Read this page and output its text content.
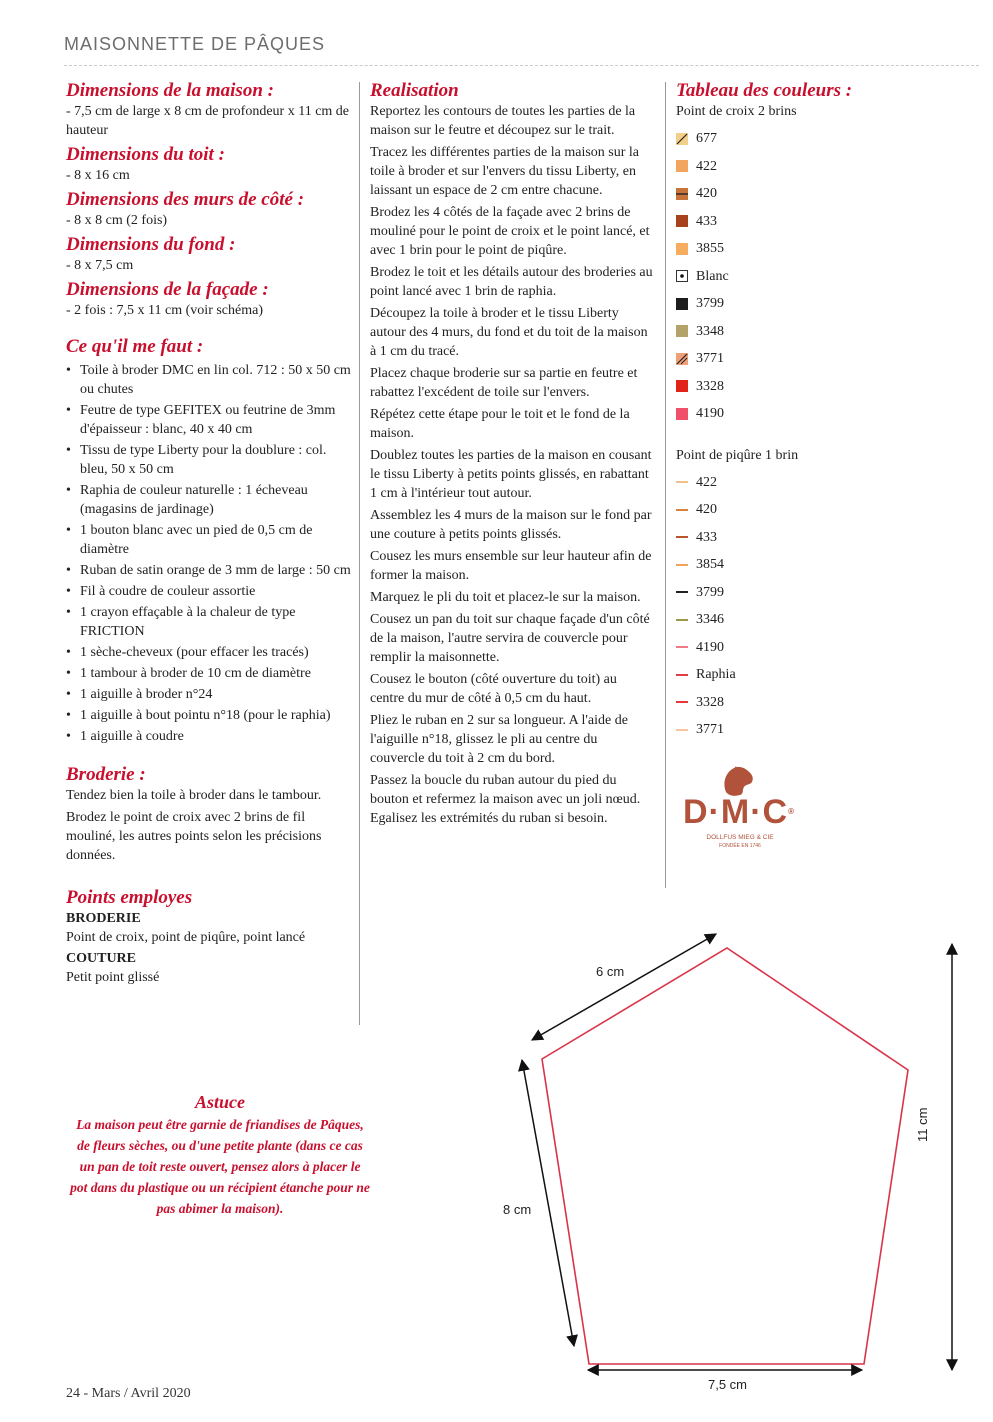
MAISONNETTE DE PÂQUES

Dimensions de la maison :

- 7,5 cm de large x 8 cm de profondeur x 11 cm de hauteur

Dimensions du toit :

- 8 x 16 cm

Dimensions des murs de côté :

- 8 x 8 cm (2 fois)

Dimensions du fond :

- 8 x 7,5 cm

Dimensions de la façade :

- 2 fois : 7,5 x 11 cm (voir schéma)

Ce qu'il me faut :

• Toile à broder DMC en lin col. 712 : 50 x 50 cm ou chutes
• Feutre de type GEFITEX ou feutrine de 3mm d'épaisseur : blanc, 40 x 40 cm
• Tissu de type Liberty pour la doublure : col. bleu, 50 x 50 cm
• Raphia de couleur naturelle : 1 écheveau (magasins de jardinage)
• 1 bouton blanc avec un pied de 0,5 cm de diamètre
• Ruban de satin orange de 3 mm de large : 50 cm
• Fil à coudre de couleur assortie
• 1 crayon effaçable à la chaleur de type FRICTION
• 1 sèche-cheveux (pour effacer les tracés)
• 1 tambour à broder de 10 cm de diamètre
• 1 aiguille à broder n°24
• 1 aiguille à bout pointu n°18 (pour le raphia)
• 1 aiguille à coudre

Broderie :

Tendez bien la toile à broder dans le tambour.

Brodez le point de croix avec 2 brins de fil mouliné, les autres points selon les précisions données.

Points employes

BRODERIE

Point de croix, point de piqûre, point lancé

COUTURE

Petit point glissé

Realisation

Reportez les contours de toutes les parties de la maison sur le feutre et découpez sur le trait.

Tracez les différentes parties de la maison sur la toile à broder et sur l'envers du tissu Liberty, en laissant un espace de 2 cm entre chacune.

Brodez les 4 côtés de la façade avec 2 brins de mouliné pour le point de croix et le point lancé, et avec 1 brin pour le point de piqûre.

Brodez le toit et les détails autour des broderies au point lancé avec 1 brin de raphia.

Découpez la toile à broder et le tissu Liberty autour des 4 murs, du fond et du toit de la maison à 1 cm du tracé.

Placez chaque broderie sur sa partie en feutre et rabattez l'excédent de toile sur l'envers.

Répétez cette étape pour le toit et le fond de la maison.

Doublez toutes les parties de la maison en cousant le tissu Liberty à petits points glissés, en rabattant 1 cm à l'intérieur tout autour.

Assemblez les 4 murs de la maison sur le fond par une couture à petits points glissés.

Cousez les murs ensemble sur leur hauteur afin de former la maison.

Marquez le pli du toit et placez-le sur la maison.

Cousez un pan du toit sur chaque façade d'un côté de la maison, l'autre servira de couvercle pour remplir la maisonnette.

Cousez le bouton (côté ouverture du toit) au centre du mur de côté à 0,5 cm du haut.

Pliez le ruban en 2 sur sa longueur. A l'aide de l'aiguille n°18, glissez le pli au centre du couvercle du toit à 2 cm du bord.

Passez la boucle du ruban autour du pied du bouton et refermez la maison avec un joli nœud. Egalisez les extrémités du ruban si besoin.

Tableau des couleurs :

Point de croix 2 brins

677
422
420
433
3855
Blanc
3799
3348
3771
3328
4190

Point de piqûre 1 brin

422
420
433
3854
3799
3346
4190
Raphia
3328
3771
D·M·C®
DOLLFUS MIEG & CIE
FONDÉE EN 1746
Astuce
La maison peut être garnie de friandises de Pâques, de fleurs sèches, ou d'une petite plante (dans ce cas un pan de toit reste ouvert, pensez alors à placer le pot dans du plastique ou un récipient étanche pour ne pas abimer la maison).
6 cm
8 cm
11 cm
7,5 cm
24 - Mars / Avril 2020
